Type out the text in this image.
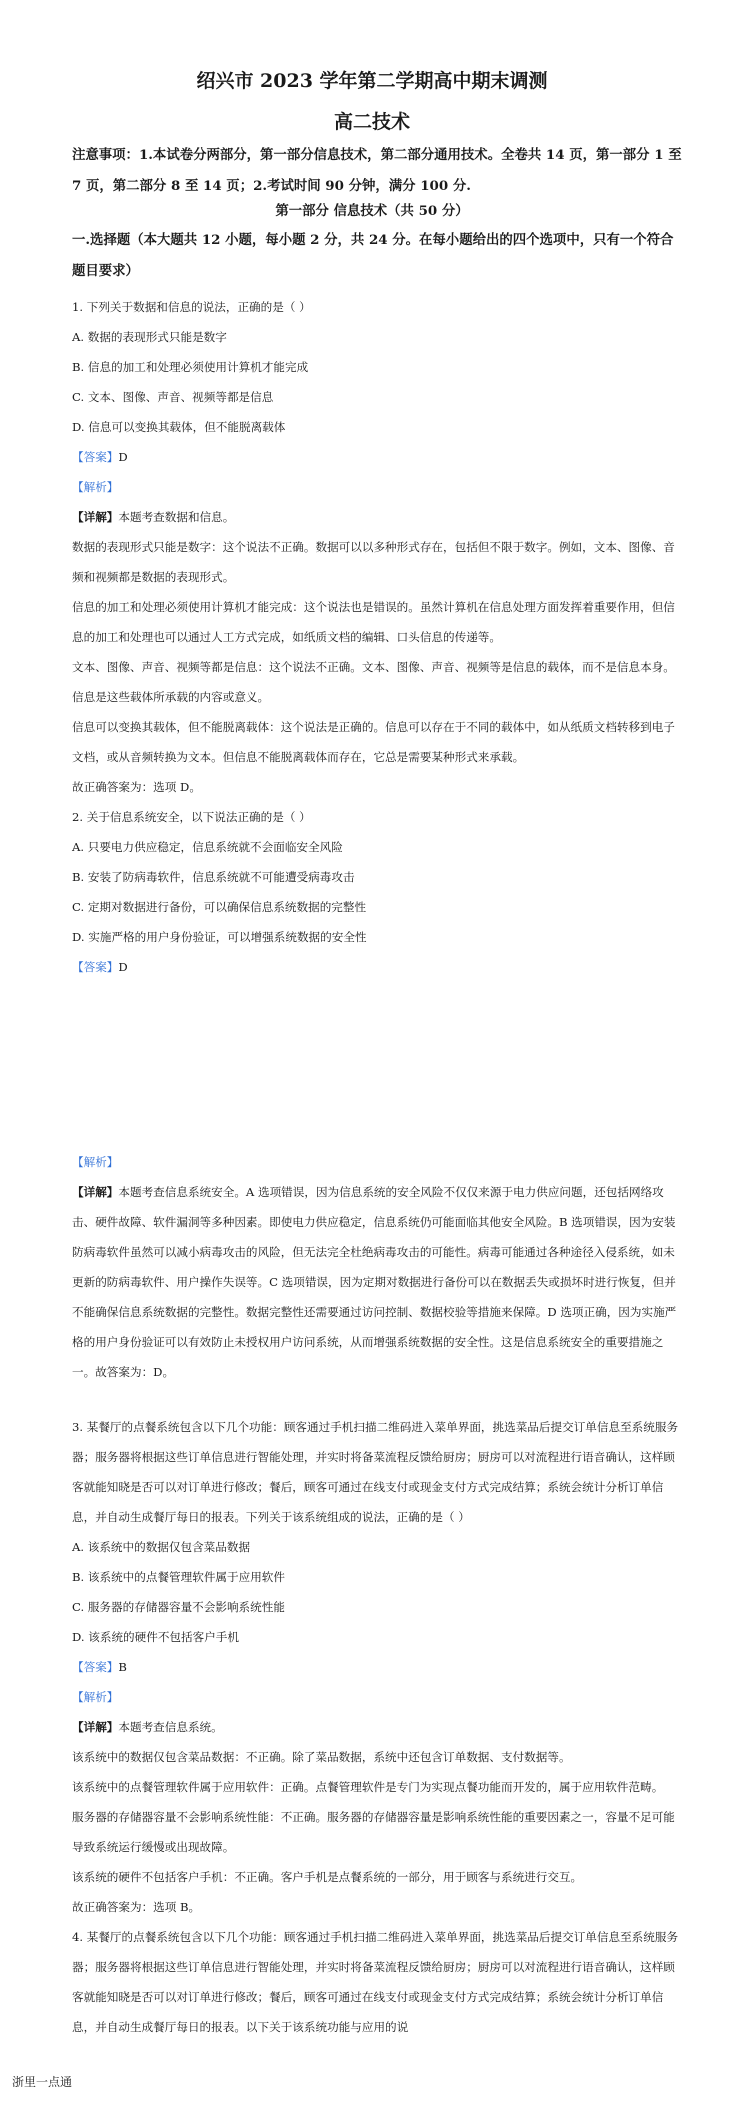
绍兴市 2023 学年第二学期高中期末调测
高二技术
注意事项：1.本试卷分两部分，第一部分信息技术，第二部分通用技术。全卷共 14 页，第一部分 1 至 7 页，第二部分 8 至 14 页；2.考试时间 90 分钟，满分 100 分.
第一部分 信息技术（共 50 分）
一.选择题（本大题共 12 小题，每小题 2 分，共 24 分。在每小题给出的四个选项中，只有一个符合题目要求）

1. 下列关于数据和信息的说法，正确的是（ ）

A. 数据的表现形式只能是数字

B. 信息的加工和处理必须使用计算机才能完成

C. 文本、图像、声音、视频等都是信息

D. 信息可以变换其载体，但不能脱离载体

【答案】D

【解析】

【详解】本题考查数据和信息。

数据的表现形式只能是数字：这个说法不正确。数据可以以多种形式存在，包括但不限于数字。例如，文本、图像、音频和视频都是数据的表现形式。

信息的加工和处理必须使用计算机才能完成：这个说法也是错误的。虽然计算机在信息处理方面发挥着重要作用，但信息的加工和处理也可以通过人工方式完成，如纸质文档的编辑、口头信息的传递等。

文本、图像、声音、视频等都是信息：这个说法不正确。文本、图像、声音、视频等是信息的载体，而不是信息本身。信息是这些载体所承载的内容或意义。

信息可以变换其载体，但不能脱离载体：这个说法是正确的。信息可以存在于不同的载体中，如从纸质文档转移到电子文档，或从音频转换为文本。但信息不能脱离载体而存在，它总是需要某种形式来承载。

故正确答案为：选项 D。

2. 关于信息系统安全，以下说法正确的是（ ）

A. 只要电力供应稳定，信息系统就不会面临安全风险

B. 安装了防病毒软件，信息系统就不可能遭受病毒攻击

C. 定期对数据进行备份，可以确保信息系统数据的完整性

D. 实施严格的用户身份验证，可以增强系统数据的安全性

【答案】D

【解析】

【详解】本题考查信息系统安全。A 选项错误，因为信息系统的安全风险不仅仅来源于电力供应问题，还包括网络攻击、硬件故障、软件漏洞等多种因素。即使电力供应稳定，信息系统仍可能面临其他安全风险。B 选项错误，因为安装防病毒软件虽然可以减小病毒攻击的风险，但无法完全杜绝病毒攻击的可能性。病毒可能通过各种途径入侵系统，如未更新的防病毒软件、用户操作失误等。C 选项错误，因为定期对数据进行备份可以在数据丢失或损坏时进行恢复，但并不能确保信息系统数据的完整性。数据完整性还需要通过访问控制、数据校验等措施来保障。D 选项正确，因为实施严格的用户身份验证可以有效防止未授权用户访问系统，从而增强系统数据的安全性。这是信息系统安全的重要措施之一。故答案为：D。

3. 某餐厅的点餐系统包含以下几个功能：顾客通过手机扫描二维码进入菜单界面，挑选菜品后提交订单信息至系统服务器；服务器将根据这些订单信息进行智能处理，并实时将备菜流程反馈给厨房；厨房可以对流程进行语音确认，这样顾客就能知晓是否可以对订单进行修改；餐后，顾客可通过在线支付或现金支付方式完成结算；系统会统计分析订单信息，并自动生成餐厅每日的报表。下列关于该系统组成的说法，正确的是（ ）

A. 该系统中的数据仅包含菜品数据

B. 该系统中的点餐管理软件属于应用软件

C. 服务器的存储器容量不会影响系统性能

D. 该系统的硬件不包括客户手机

【答案】B

【解析】

【详解】本题考查信息系统。

该系统中的数据仅包含菜品数据：不正确。除了菜品数据，系统中还包含订单数据、支付数据等。

该系统中的点餐管理软件属于应用软件：正确。点餐管理软件是专门为实现点餐功能而开发的，属于应用软件范畴。

服务器的存储器容量不会影响系统性能：不正确。服务器的存储器容量是影响系统性能的重要因素之一，容量不足可能导致系统运行缓慢或出现故障。

该系统的硬件不包括客户手机：不正确。客户手机是点餐系统的一部分，用于顾客与系统进行交互。

故正确答案为：选项 B。

4. 某餐厅的点餐系统包含以下几个功能：顾客通过手机扫描二维码进入菜单界面，挑选菜品后提交订单信息至系统服务器；服务器将根据这些订单信息进行智能处理，并实时将备菜流程反馈给厨房；厨房可以对流程进行语音确认，这样顾客就能知晓是否可以对订单进行修改；餐后，顾客可通过在线支付或现金支付方式完成结算；系统会统计分析订单信息，并自动生成餐厅每日的报表。以下关于该系统功能与应用的说

浙里一点通
